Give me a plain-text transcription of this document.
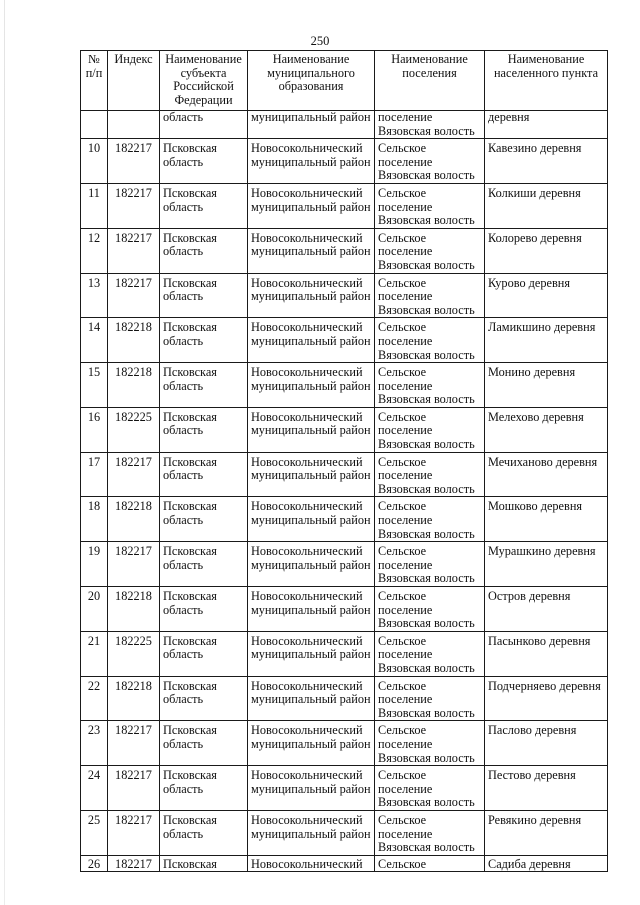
250
№ п/п	Индекс	Наименование субъекта Российской Федерации	Наименование муниципального образования	Наименование поселения	Наименование населенного пункта
		область	муниципальный район	поселение Вязовская волость	деревня
10	182217	Псковская область	Новосокольнический муниципальный район	Сельское поселение Вязовская волость	Кавезино деревня
11	182217	Псковская область	Новосокольнический муниципальный район	Сельское поселение Вязовская волость	Колкиши деревня
12	182217	Псковская область	Новосокольнический муниципальный район	Сельское поселение Вязовская волость	Колорево деревня
13	182217	Псковская область	Новосокольнический муниципальный район	Сельское поселение Вязовская волость	Курово деревня
14	182218	Псковская область	Новосокольнический муниципальный район	Сельское поселение Вязовская волость	Ламикшино деревня
15	182218	Псковская область	Новосокольнический муниципальный район	Сельское поселение Вязовская волость	Монино деревня
16	182225	Псковская область	Новосокольнический муниципальный район	Сельское поселение Вязовская волость	Мелехово деревня
17	182217	Псковская область	Новосокольнический муниципальный район	Сельское поселение Вязовская волость	Мечиханово деревня
18	182218	Псковская область	Новосокольнический муниципальный район	Сельское поселение Вязовская волость	Мошково деревня
19	182217	Псковская область	Новосокольнический муниципальный район	Сельское поселение Вязовская волость	Мурашкино деревня
20	182218	Псковская область	Новосокольнический муниципальный район	Сельское поселение Вязовская волость	Остров деревня
21	182225	Псковская область	Новосокольнический муниципальный район	Сельское поселение Вязовская волость	Пасынково деревня
22	182218	Псковская область	Новосокольнический муниципальный район	Сельское поселение Вязовская волость	Подчерняево деревня
23	182217	Псковская область	Новосокольнический муниципальный район	Сельское поселение Вязовская волость	Паслово деревня
24	182217	Псковская область	Новосокольнический муниципальный район	Сельское поселение Вязовская волость	Пестово деревня
25	182217	Псковская область	Новосокольнический муниципальный район	Сельское поселение Вязовская волость	Ревякино деревня
26	182217	Псковская	Новосокольнический	Сельское	Садиба деревня
